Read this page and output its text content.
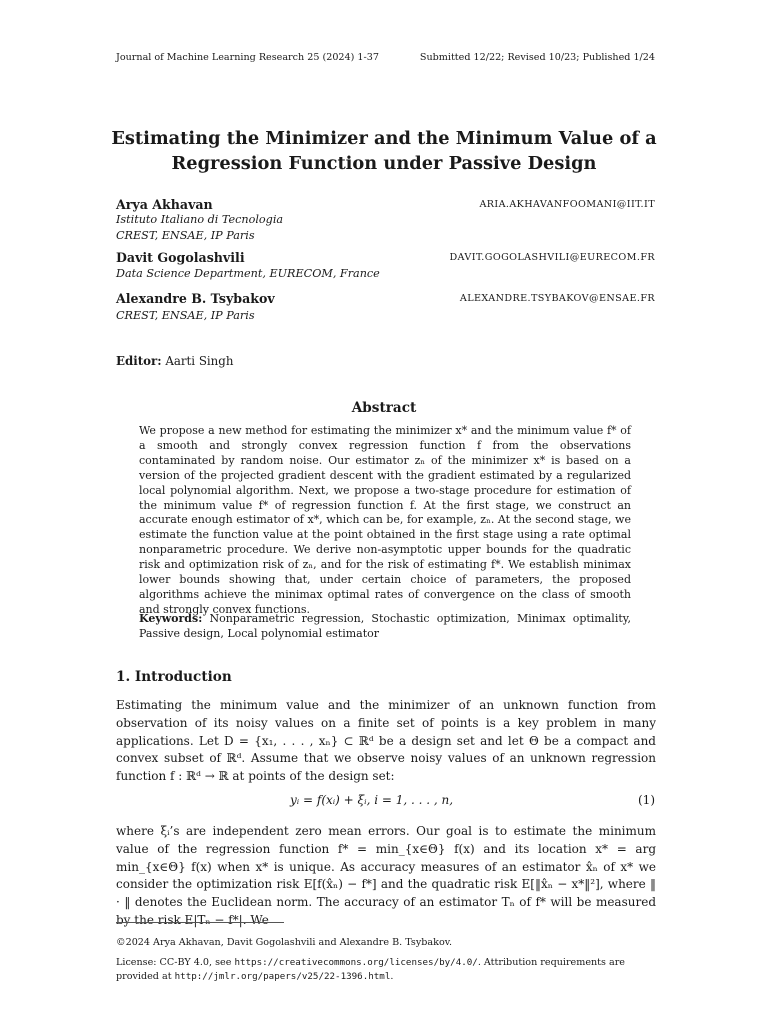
Journal of Machine Learning Research 25 (2024) 1-37	Submitted 12/22; Revised 10/23; Published 1/24
Estimating the Minimizer and the Minimum Value of a Regression Function under Passive Design
Arya Akhavan	ARIA.AKHAVANFOOMANI@IIT.IT
Istituto Italiano di Tecnologia
CREST, ENSAE, IP Paris
Davit Gogolashvili	DAVIT.GOGOLASHVILI@EURECOM.FR
Data Science Department, EURECOM, France
Alexandre B. Tsybakov	ALEXANDRE.TSYBAKOV@ENSAE.FR
CREST, ENSAE, IP Paris
Editor: Aarti Singh
Abstract
We propose a new method for estimating the minimizer x* and the minimum value f* of a smooth and strongly convex regression function f from the observations contaminated by random noise. Our estimator zₙ of the minimizer x* is based on a version of the projected gradient descent with the gradient estimated by a regularized local polynomial algorithm. Next, we propose a two-stage procedure for estimation of the minimum value f* of regression function f. At the first stage, we construct an accurate enough estimator of x*, which can be, for example, zₙ. At the second stage, we estimate the function value at the point obtained in the first stage using a rate optimal nonparametric procedure. We derive non-asymptotic upper bounds for the quadratic risk and optimization risk of zₙ, and for the risk of estimating f*. We establish minimax lower bounds showing that, under certain choice of parameters, the proposed algorithms achieve the minimax optimal rates of convergence on the class of smooth and strongly convex functions.
Keywords: Nonparametric regression, Stochastic optimization, Minimax optimality, Passive design, Local polynomial estimator
1. Introduction
Estimating the minimum value and the minimizer of an unknown function from observation of its noisy values on a finite set of points is a key problem in many applications. Let D = {x₁, . . . , xₙ} ⊂ ℝᵈ be a design set and let Θ be a compact and convex subset of ℝᵈ. Assume that we observe noisy values of an unknown regression function f : ℝᵈ → ℝ at points of the design set:
yᵢ = f(xᵢ) + ξᵢ, i = 1, . . . , n,	(1)
where ξᵢ’s are independent zero mean errors. Our goal is to estimate the minimum value of the regression function f* = min_{x∈Θ} f(x) and its location x* = arg min_{x∈Θ} f(x) when x* is unique. As accuracy measures of an estimator x̂ₙ of x* we consider the optimization risk E[f(x̂ₙ) − f*] and the quadratic risk E[‖x̂ₙ − x*‖²], where ‖ · ‖ denotes the Euclidean norm. The accuracy of an estimator Tₙ of f* will be measured by the risk E|Tₙ − f*|. We
©2024 Arya Akhavan, Davit Gogolashvili and Alexandre B. Tsybakov.
License: CC-BY 4.0, see https://creativecommons.org/licenses/by/4.0/. Attribution requirements are provided at http://jmlr.org/papers/v25/22-1396.html.
